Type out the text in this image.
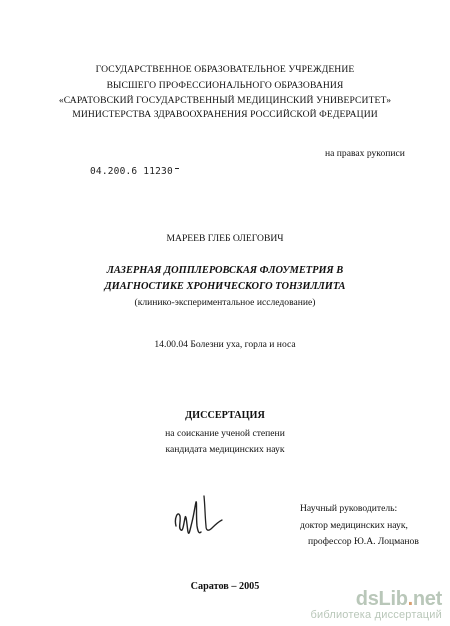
ГОСУДАРСТВЕННОЕ ОБРАЗОВАТЕЛЬНОЕ УЧРЕЖДЕНИЕ
ВЫСШЕГО ПРОФЕССИОНАЛЬНОГО ОБРАЗОВАНИЯ
«САРАТОВСКИЙ ГОСУДАРСТВЕННЫЙ МЕДИЦИНСКИЙ УНИВЕРСИТЕТ»
МИНИСТЕРСТВА ЗДРАВООХРАНЕНИЯ РОССИЙСКОЙ ФЕДЕРАЦИИ
на правах рукописи
04.200.6 11230
МАРЕЕВ ГЛЕБ ОЛЕГОВИЧ
ЛАЗЕРНАЯ ДОППЛЕРОВСКАЯ ФЛОУМЕТРИЯ В
ДИАГНОСТИКЕ ХРОНИЧЕСКОГО ТОНЗИЛЛИТА
(клинико-экспериментальное исследование)
14.00.04 Болезни уха, горла и носа
ДИССЕРТАЦИЯ
на соискание ученой степени
кандидата медицинских наук
Научный руководитель:
доктор медицинских наук,
профессор Ю.А. Лоцманов
Саратов – 2005
dsLib.net
библиотека диссертаций
